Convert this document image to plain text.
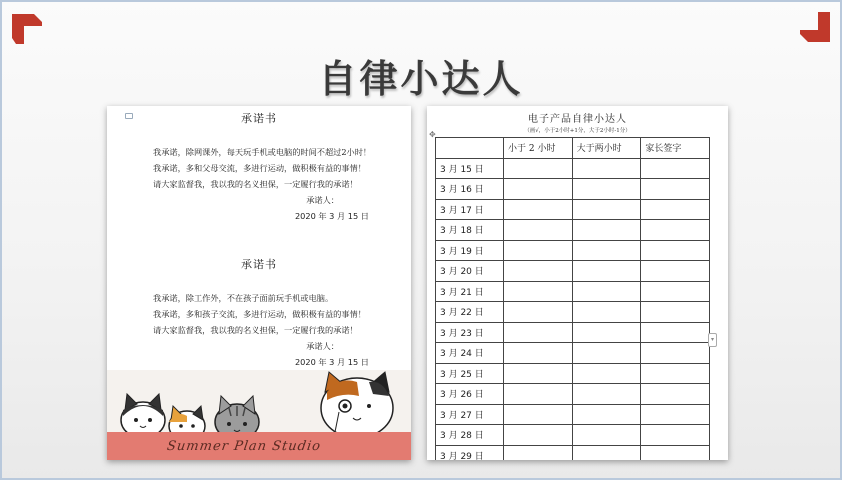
自律小达人
承诺书
我承诺，除网课外，每天玩手机或电脑的时间不超过2小时！
我承诺，多和父母交流，多进行运动，做积极有益的事情！
请大家监督我，我以我的名义担保，一定履行我的承诺！
承诺人：
2020 年 3 月 15 日
承诺书
我承诺，除工作外，不在孩子面前玩手机或电脑。
我承诺，多和孩子交流，多进行运动，做积极有益的事情！
请大家监督我，我以我的名义担保，一定履行我的承诺！
承诺人：
2020 年 3 月 15 日
Summer Plan Studio
✥
电子产品自律小达人
（画√，小于2小时+1分，大于2小时-1分）
	小于 2 小时	大于两小时	家长签字
3 月 15 日			
3 月 16 日			
3 月 17 日			
3 月 18 日			
3 月 19 日			
3 月 20 日			
3 月 21 日			
3 月 22 日			
3 月 23 日			
3 月 24 日			
3 月 25 日			
3 月 26 日			
3 月 27 日			
3 月 28 日			
3 月 29 日			
▾
